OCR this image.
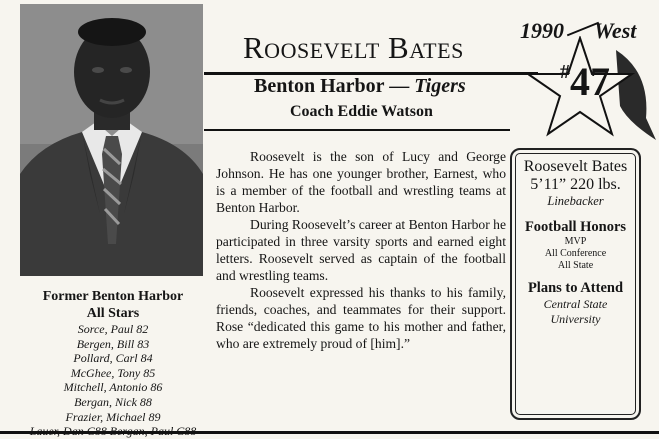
Roosevelt Bates
Benton Harbor — Tigers
Coach Eddie Watson
1990 West
#47

Roosevelt is the son of Lucy and George Johnson. He has one younger brother, Earnest, who is a member of the football and wrestling teams at Benton Harbor.

During Roosevelt’s career at Benton Harbor he participated in three varsity sports and earned eight letters. Roosevelt served as captain of the football and wrestling teams.

Roosevelt expressed his thanks to his family, friends, coaches, and teammates for their support. Rose “dedicated this game to his mother and father, who are extremely proud of [him].”

Roosevelt Bates
5’11” 220 lbs.
Linebacker
Football Honors
MVP
All Conference
All State
Plans to Attend
Central State
University
Former Benton Harbor
All Stars
Sorce, Paul 82
Bergen, Bill 83
Pollard, Carl 84
McGhee, Tony 85
Mitchell, Antonio 86
Bergan, Nick 88
Frazier, Michael 89
